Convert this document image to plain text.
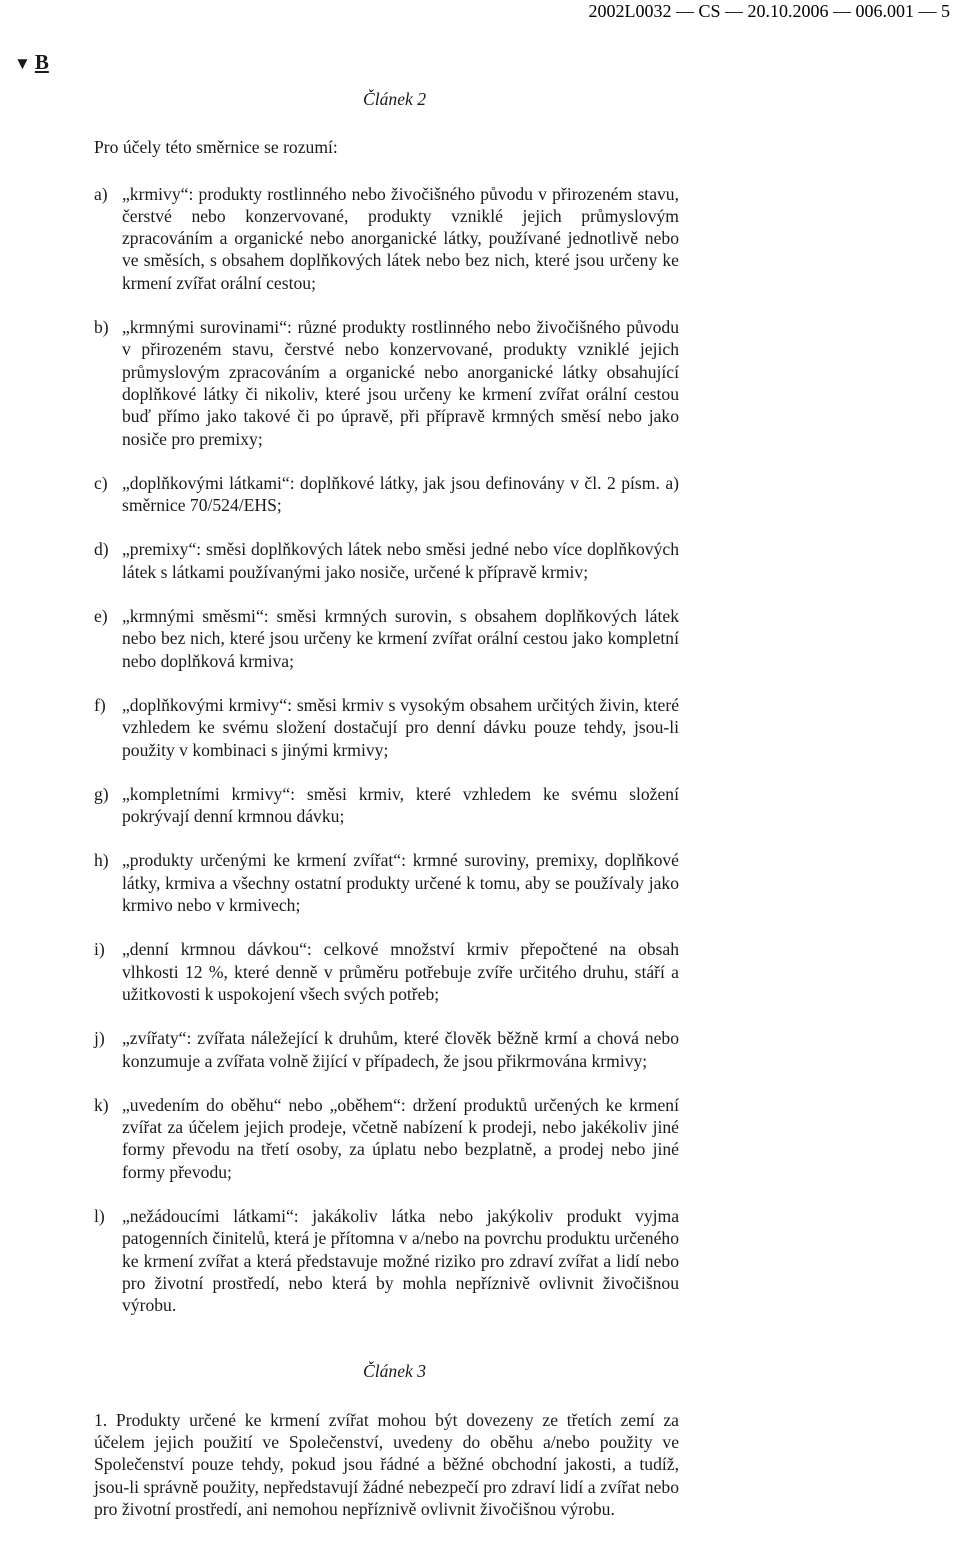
2002L0032 — CS — 20.10.2006 — 006.001 — 5
▼ B

Článek 2

Pro účely této směrnice se rozumí:

a) „krmivy“: produkty rostlinného nebo živočišného původu v přirozeném stavu, čerstvé nebo konzervované, produkty vzniklé jejich průmyslovým zpracováním a organické nebo anorganické látky, používané jednotlivě nebo ve směsích, s obsahem doplňkových látek nebo bez nich, které jsou určeny ke krmení zvířat orální cestou;

b) „krmnými surovinami“: různé produkty rostlinného nebo živočišného původu v přirozeném stavu, čerstvé nebo konzervované, produkty vzniklé jejich průmyslovým zpracováním a organické nebo anorganické látky obsahující doplňkové látky či nikoliv, které jsou určeny ke krmení zvířat orální cestou buď přímo jako takové či po úpravě, při přípravě krmných směsí nebo jako nosiče pro premixy;

c) „doplňkovými látkami“: doplňkové látky, jak jsou definovány v čl. 2 písm. a) směrnice 70/524/EHS;

d) „premixy“: směsi doplňkových látek nebo směsi jedné nebo více doplňkových látek s látkami používanými jako nosiče, určené k přípravě krmiv;

e) „krmnými směsmi“: směsi krmných surovin, s obsahem doplňkových látek nebo bez nich, které jsou určeny ke krmení zvířat orální cestou jako kompletní nebo doplňková krmiva;

f) „doplňkovými krmivy“: směsi krmiv s vysokým obsahem určitých živin, které vzhledem ke svému složení dostačují pro denní dávku pouze tehdy, jsou-li použity v kombinaci s jinými krmivy;

g) „kompletními krmivy“: směsi krmiv, které vzhledem ke svému složení pokrývají denní krmnou dávku;

h) „produkty určenými ke krmení zvířat“: krmné suroviny, premixy, doplňkové látky, krmiva a všechny ostatní produkty určené k tomu, aby se používaly jako krmivo nebo v krmivech;

i) „denní krmnou dávkou“: celkové množství krmiv přepočtené na obsah vlhkosti 12 %, které denně v průměru potřebuje zvíře určitého druhu, stáří a užitkovosti k uspokojení všech svých potřeb;

j) „zvířaty“: zvířata náležející k druhům, které člověk běžně krmí a chová nebo konzumuje a zvířata volně žijící v případech, že jsou přikrmována krmivy;

k) „uvedením do oběhu“ nebo „oběhem“: držení produktů určených ke krmení zvířat za účelem jejich prodeje, včetně nabízení k prodeji, nebo jakékoliv jiné formy převodu na třetí osoby, za úplatu nebo bezplatně, a prodej nebo jiné formy převodu;

l) „nežádoucími látkami“: jakákoliv látka nebo jakýkoliv produkt vyjma patogenních činitelů, která je přítomna v a/nebo na povrchu produktu určeného ke krmení zvířat a která představuje možné riziko pro zdraví zvířat a lidí nebo pro životní prostředí, nebo která by mohla nepříznivě ovlivnit živočišnou výrobu.

Článek 3

1. Produkty určené ke krmení zvířat mohou být dovezeny ze třetích zemí za účelem jejich použití ve Společenství, uvedeny do oběhu a/nebo použity ve Společenství pouze tehdy, pokud jsou řádné a běžné obchodní jakosti, a tudíž, jsou-li správně použity, nepředstavují žádné nebezpečí pro zdraví lidí a zvířat nebo pro životní prostředí, ani nemohou nepříznivě ovlivnit živočišnou výrobu.
